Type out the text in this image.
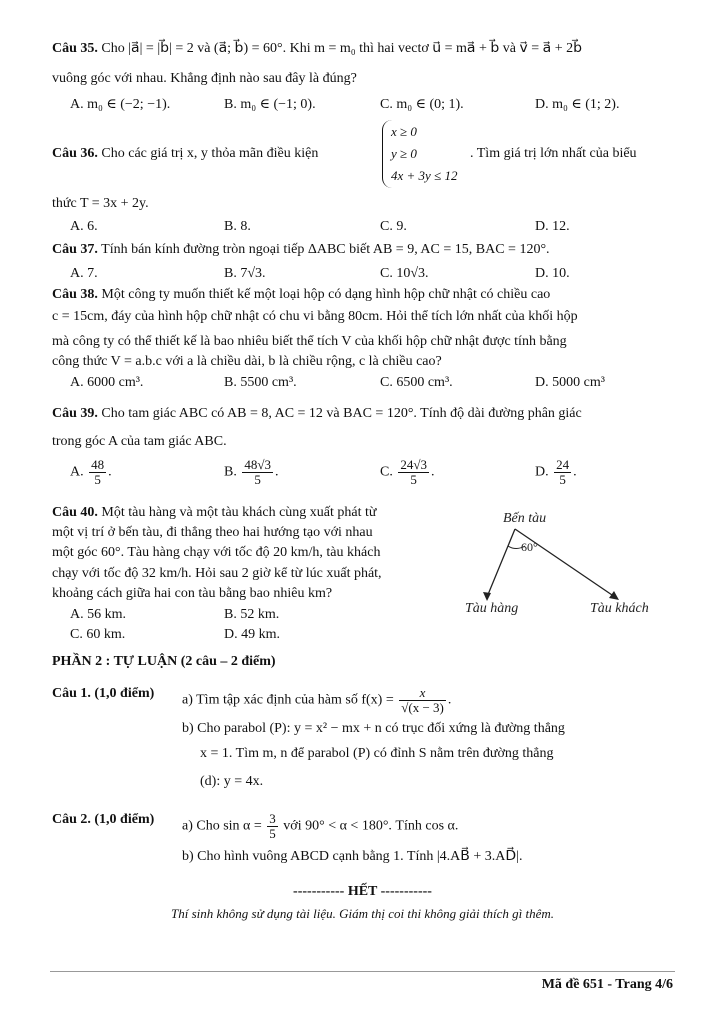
Câu 35. Cho |a⃗| = |b⃗| = 2 và (a⃗; b⃗) = 60°. Khi m = m₀ thì hai vectơ u⃗ = ma⃗ + b⃗ và v⃗ = a⃗ + 2b⃗
vuông góc với nhau. Khẳng định nào sau đây là đúng?
A. m₀ ∈ (−2; −1).	B. m₀ ∈ (−1; 0).	C. m₀ ∈ (0; 1).	D. m₀ ∈ (1; 2).
Câu 36. Cho các giá trị x, y thỏa mãn điều kiện
x ≥ 0
y ≥ 0
4x + 3y ≤ 12
. Tìm giá trị lớn nhất của biểu
thức T = 3x + 2y.
A. 6.	B. 8.	C. 9.	D. 12.
Câu 37. Tính bán kính đường tròn ngoại tiếp ΔABC biết AB = 9, AC = 15, BAC = 120°.
A. 7.	B. 7√3.	C. 10√3.	D. 10.
Câu 38. Một công ty muốn thiết kế một loại hộp có dạng hình hộp chữ nhật có chiều cao
c = 15cm, đáy của hình hộp chữ nhật có chu vi bằng 80cm. Hỏi thể tích lớn nhất của khối hộp
mà công ty có thể thiết kế là bao nhiêu biết thể tích V của khối hộp chữ nhật được tính bằng
công thức V = a.b.c với a là chiều dài, b là chiều rộng, c là chiều cao?
A. 6000 cm³.	B. 5500 cm³.	C. 6500 cm³.	D. 5000 cm³
Câu 39. Cho tam giác ABC có AB = 8, AC = 12 và BAC = 120°. Tính độ dài đường phân giác
trong góc A của tam giác ABC.
A. $\frac{48}{5}$ .	B. $\frac{48√3}{5}$ .	C. $\frac{24√3}{5}$ .	D. $\frac{24}{5}$ .
Câu 40. Một tàu hàng và một tàu khách cùng xuất phát từ
một vị trí ở bến tàu, đi thẳng theo hai hướng tạo với nhau
một góc 60°. Tàu hàng chạy với tốc độ 20 km/h, tàu khách
chạy với tốc độ 32 km/h. Hỏi sau 2 giờ kể từ lúc xuất phát,
khoảng cách giữa hai con tàu bằng bao nhiêu km?
A. 56 km.	B. 52 km.
C. 60 km.	D. 49 km.
Bến tàu
60°
Tàu hàng	Tàu khách
PHẦN 2 : TỰ LUẬN (2 câu – 2 điểm)
Câu 1. (1,0 điểm) a) Tìm tập xác định của hàm số $f(x) = \frac{x}{√(x - 3)}$ .
b) Cho parabol (P): y = x² − mx + n có trục đối xứng là đường thẳng
x = 1. Tìm m, n để parabol (P) có đỉnh S nằm trên đường thẳng
(d): y = 4x.
Câu 2. (1,0 điểm) a) Cho $\sin \alpha = \frac{3}{5}$ với 90° < α < 180°. Tính cos α.
b) Cho hình vuông ABCD cạnh bằng 1. Tính |4.AB⃗ + 3.AD⃗|.
----------- HẾT -----------
Thí sinh không sử dụng tài liệu. Giám thị coi thi không giải thích gì thêm.
Mã đề 651 - Trang 4/6
